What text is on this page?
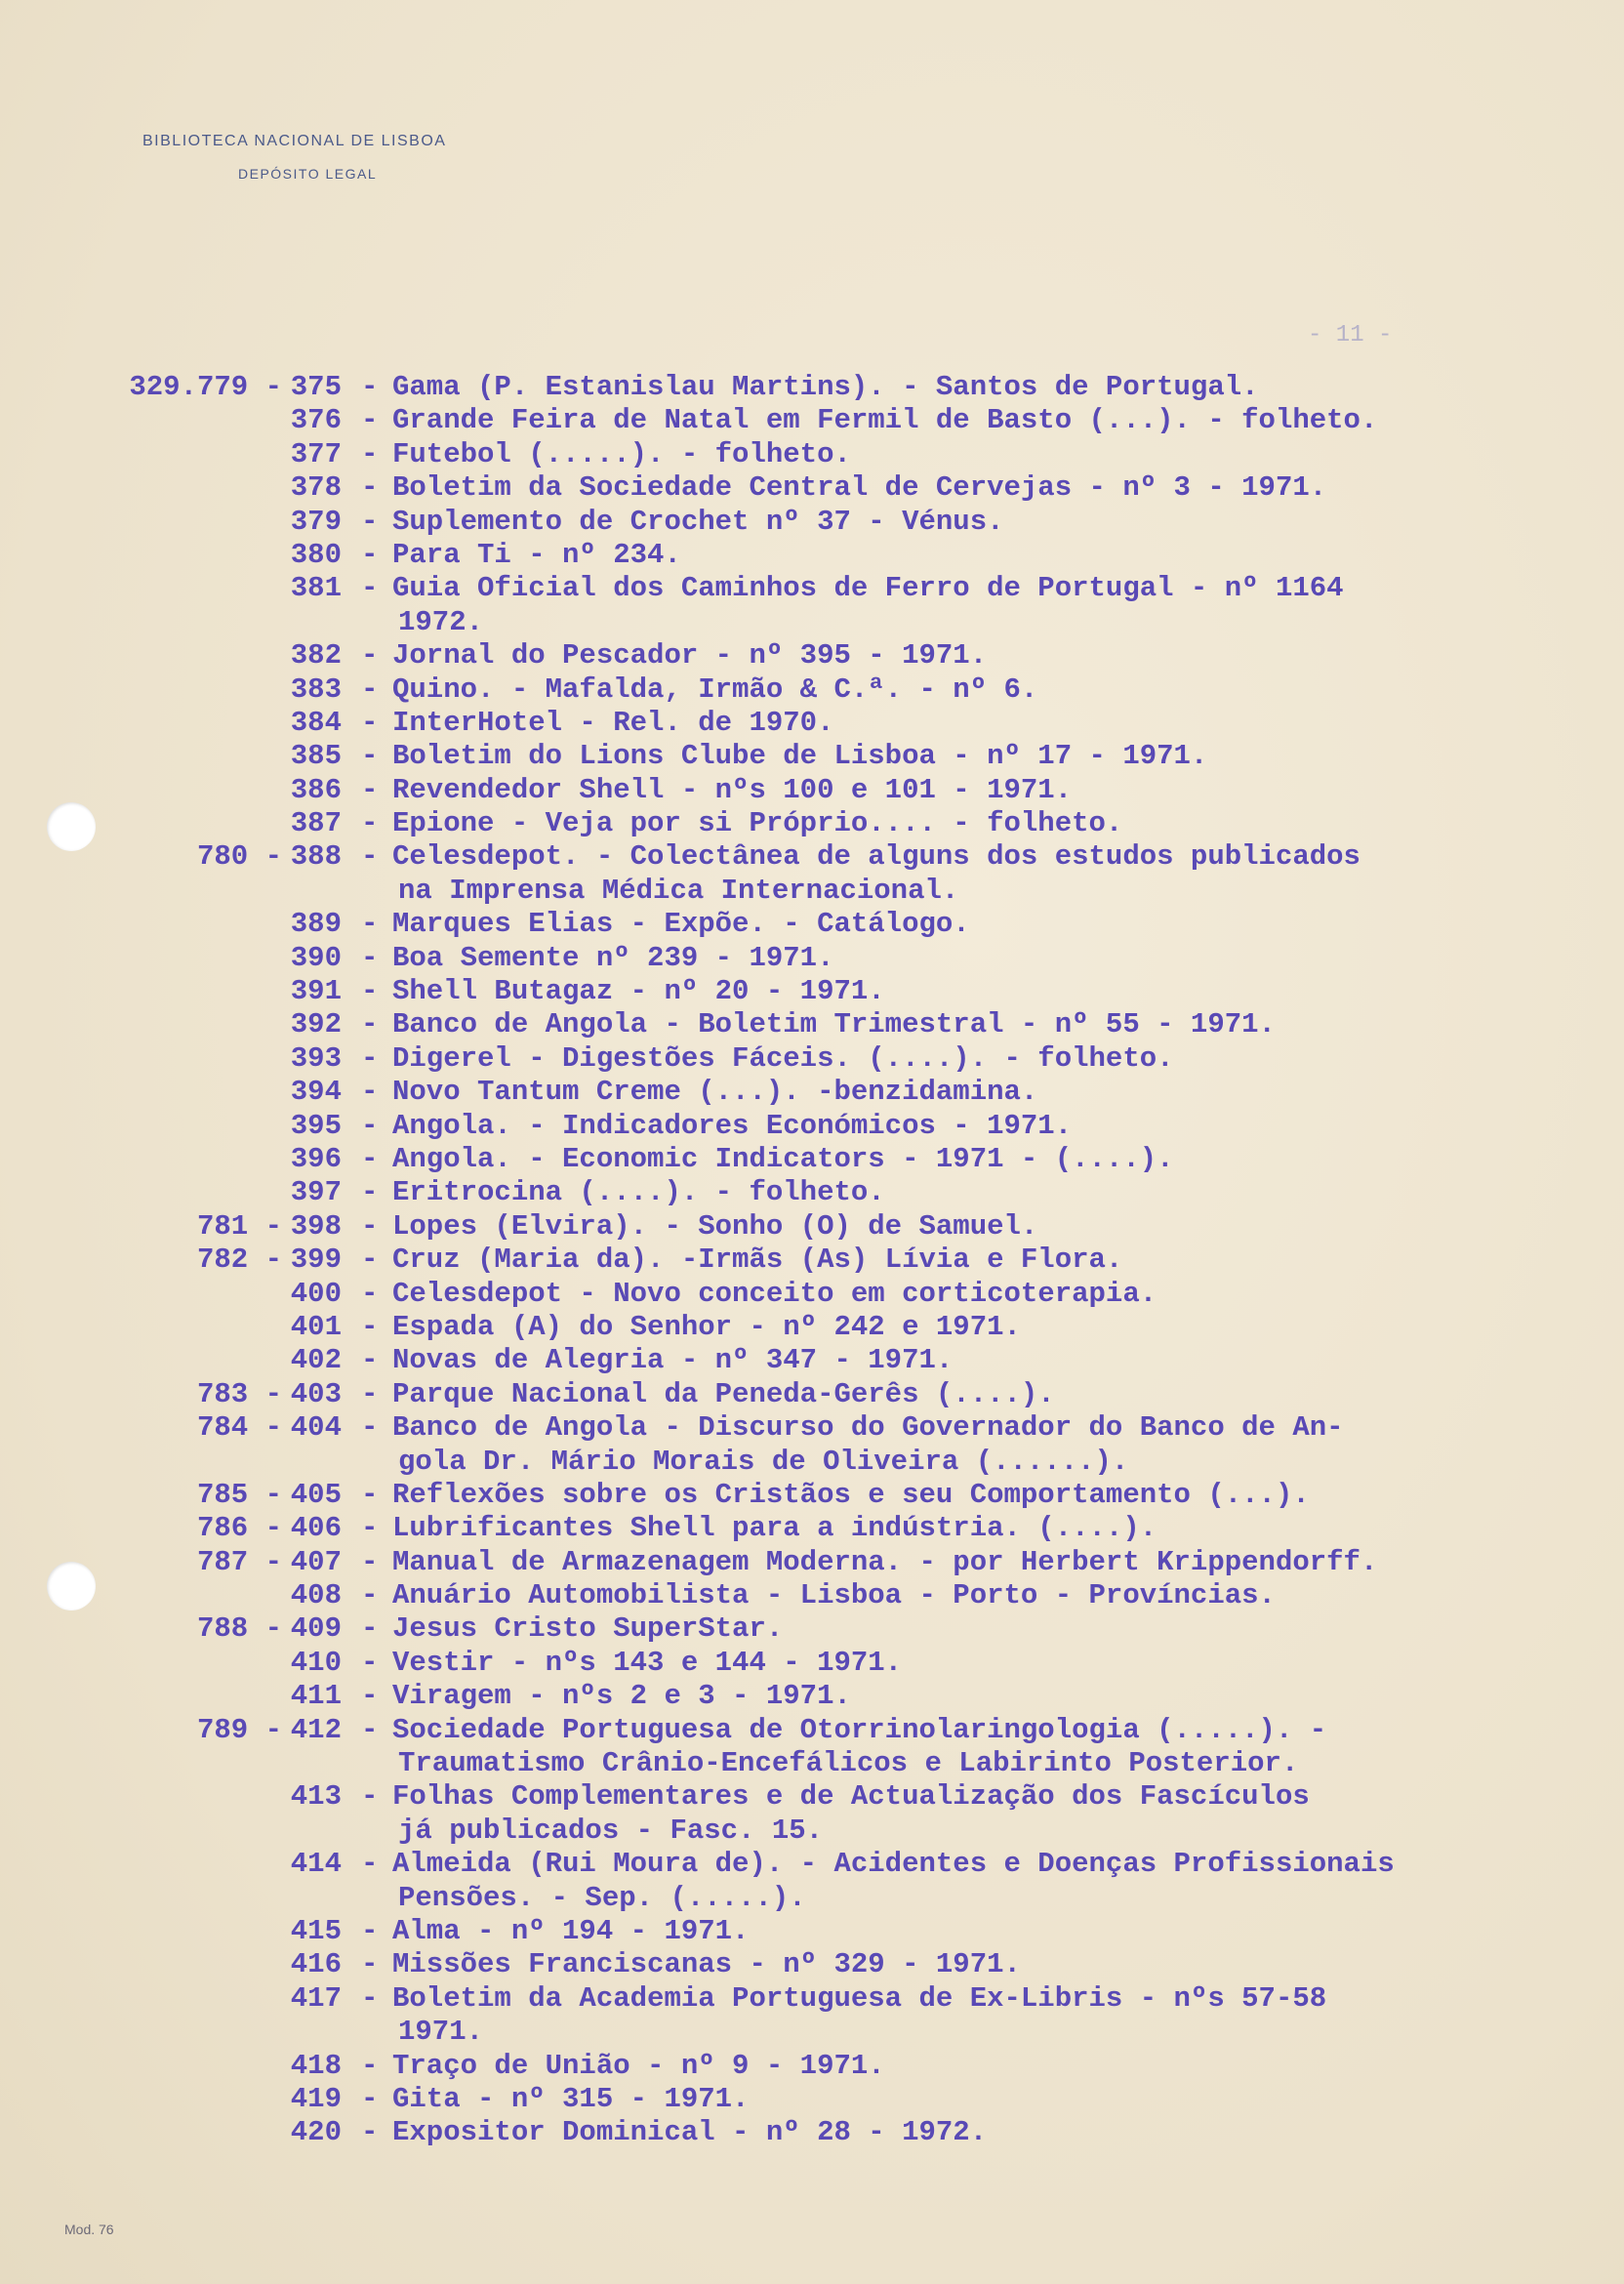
BIBLIOTECA NACIONAL DE LISBOA
DEPÓSITO LEGAL
- 11 -
329.779 - 375 - Gama (P. Estanislau Martins). - Santos de Portugal.
376 - Grande Feira de Natal em Fermil de Basto (...). - folheto.
377 - Futebol (.....). - folheto.
378 - Boletim da Sociedade Central de Cervejas - nº 3 - 1971.
379 - Suplemento de Crochet nº 37 - Vénus.
380 - Para Ti - nº 234.
381 - Guia Oficial dos Caminhos de Ferro de Portugal - nº 1164
1972.
382 - Jornal do Pescador - nº 395 - 1971.
383 - Quino. - Mafalda, Irmão & C.ª. - nº 6.
384 - InterHotel - Rel. de 1970.
385 - Boletim do Lions Clube de Lisboa - nº 17 - 1971.
386 - Revendedor Shell - nºs 100 e 101 - 1971.
387 - Epione - Veja por si Próprio.... - folheto.
780 - 388 - Celesdepot. - Colectânea de alguns dos estudos publicados
na Imprensa Médica Internacional.
389 - Marques Elias - Expõe. - Catálogo.
390 - Boa Semente nº 239 - 1971.
391 - Shell Butagaz - nº 20 - 1971.
392 - Banco de Angola - Boletim Trimestral - nº 55 - 1971.
393 - Digerel - Digestões Fáceis. (....). - folheto.
394 - Novo Tantum Creme (...). -benzidamina.
395 - Angola. - Indicadores Económicos - 1971.
396 - Angola. - Economic Indicators - 1971 - (....).
397 - Eritrocina (....). - folheto.
781 - 398 - Lopes (Elvira). - Sonho (O) de Samuel.
782 - 399 - Cruz (Maria da). -Irmãs (As) Lívia e Flora.
400 - Celesdepot - Novo conceito em corticoterapia.
401 - Espada (A) do Senhor - nº 242 e 1971.
402 - Novas de Alegria - nº 347 - 1971.
783 - 403 - Parque Nacional da Peneda-Gerês (....).
784 - 404 - Banco de Angola - Discurso do Governador do Banco de An-
gola Dr. Mário Morais de Oliveira (......).
785 - 405 - Reflexões sobre os Cristãos e seu Comportamento (...).
786 - 406 - Lubrificantes Shell para a indústria. (....).
787 - 407 - Manual de Armazenagem Moderna. - por Herbert Krippendorff.
408 - Anuário Automobilista - Lisboa - Porto - Províncias.
788 - 409 - Jesus Cristo SuperStar.
410 - Vestir - nºs 143 e 144 - 1971.
411 - Viragem - nºs 2 e 3 - 1971.
789 - 412 - Sociedade Portuguesa de Otorrinolaringologia (.....). -
Traumatismo Crânio-Encefálicos e Labirinto Posterior.
413 - Folhas Complementares e de Actualização dos Fascículos
já publicados - Fasc. 15.
414 - Almeida (Rui Moura de). - Acidentes e Doenças Profissionais
Pensões. - Sep. (.....).
415 - Alma - nº 194 - 1971.
416 - Missões Franciscanas - nº 329 - 1971.
417 - Boletim da Academia Portuguesa de Ex-Libris - nºs 57-58
1971.
418 - Traço de União - nº 9 - 1971.
419 - Gita - nº 315 - 1971.
420 - Expositor Dominical - nº 28 - 1972.
Mod. 76
